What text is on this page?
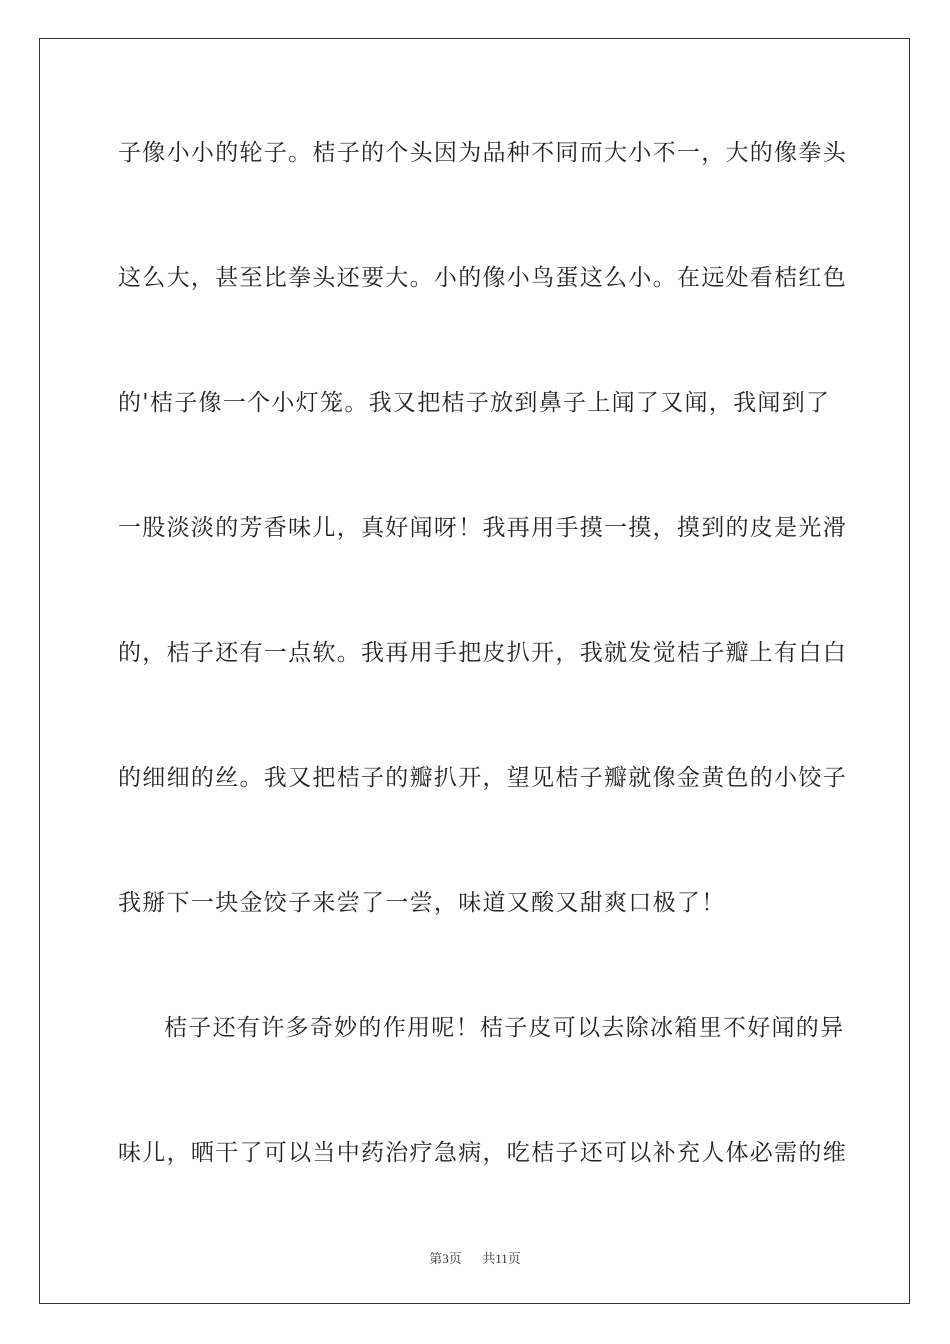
子像小小的轮子。桔子的个头因为品种不同而大小不一，大的像拳头
这么大，甚至比拳头还要大。小的像小鸟蛋这么小。在远处看桔红色
的'桔子像一个小灯笼。我又把桔子放到鼻子上闻了又闻，我闻到了
一股淡淡的芳香味儿，真好闻呀！我再用手摸一摸，摸到的皮是光滑
的，桔子还有一点软。我再用手把皮扒开，我就发觉桔子瓣上有白白
的细细的丝。我又把桔子的瓣扒开，望见桔子瓣就像金黄色的小饺子
我掰下一块金饺子来尝了一尝，味道又酸又甜爽口极了！
桔子还有许多奇妙的作用呢！桔子皮可以去除冰箱里不好闻的异
味儿，晒干了可以当中药治疗急病，吃桔子还可以补充人体必需的维
第3页 共11页
